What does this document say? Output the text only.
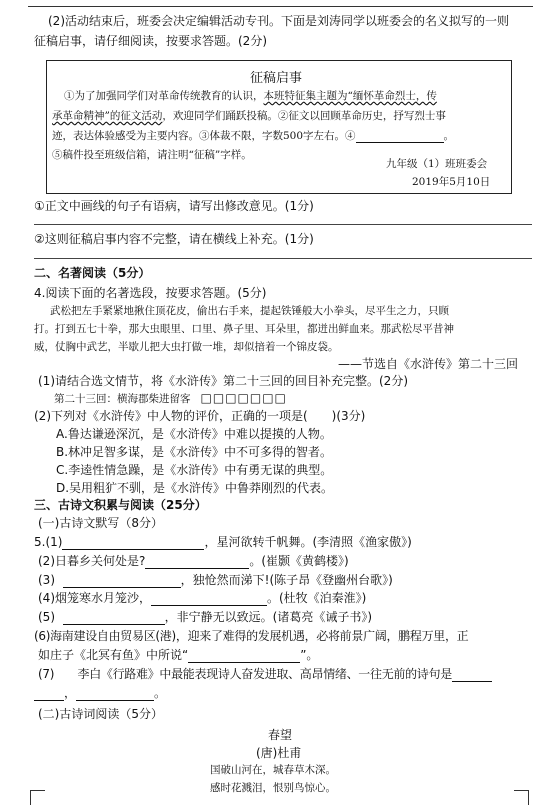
(2)活动结束后，班委会决定编辑活动专刊。下面是刘涛同学以班委会的名义拟写的一则
征稿启事，请仔细阅读，按要求答题。(2分)
征稿启事
①为了加强同学们对革命传统教育的认识，本班特征集主题为“缅怀革命烈士，传
承革命精神”的征文活动，欢迎同学们踊跃投稿。②征文以回顾革命历史，抒写烈士事
迹，表达体验感受为主要内容。③体裁不限，字数500字左右。④	。
⑤稿件投至班级信箱，请注明“征稿”字样。
九年级（1）班班委会
2019年5月10日
①正文中画线的句子有语病，请写出修改意见。(1分)
②这则征稿启事内容不完整，请在横线上补充。(1分)
二、名著阅读（5分）
4.阅读下面的名著选段，按要求答题。(5分)
武松把左手紧紧地揪住顶花皮，偷出右手来，提起铁锤般大小拳头，尽平生之力，只顾
打。打到五七十拳，那大虫眼里、口里、鼻子里、耳朵里，都迸出鲜血来。那武松尽平昔神
威，仗胸中武艺，半歇儿把大虫打做一堆，却似揞着一个锦皮袋。
——节选自《水浒传》第二十三回
(1)请结合选文情节，将《水浒传》第二十三回的回目补充完整。(2分)
第二十三回：横海郡柴进留客 □□□□□□□
(2)下列对《水浒传》中人物的评价，正确的一项是(　　)(3分)
A.鲁达谦逊深沉，是《水浒传》中难以提摸的人物。
B.林冲足智多谋，是《水浒传》中不可多得的智者。
C.李逵性情急躁，是《水浒传》中有勇无谋的典型。
D.吴用粗犷不驯，是《水浒传》中鲁莽刚烈的代表。
三、古诗文积累与阅读（25分）
(一)古诗文默写（8分）
5.(1)	，星河欲转千帆舞。(李清照《渔家傲》)
(2)日暮乡关何处是?	。(崔颢《黄鹤楼》)
(3)	，独怆然而涕下!(陈子昂《登幽州台歌》)
(4)烟笼寒水月笼沙，	。(杜牧《泊秦淮》)
(5)	，非宁静无以致远。(诸葛亮《诫子书》)
(6)海南建设自由贸易区(港)，迎来了难得的发展机遇，必将前景广阔，鹏程万里，正
如庄子《北冥有鱼》中所说“	”。
(7)　　李白《行路难》中最能表现诗人奋发进取、高昂情绪、一往无前的诗句是
，	。
(二)古诗词阅读（5分）
春望
(唐)杜甫
国破山河在，城春草木深。
感时花溅泪，恨别鸟惊心。
